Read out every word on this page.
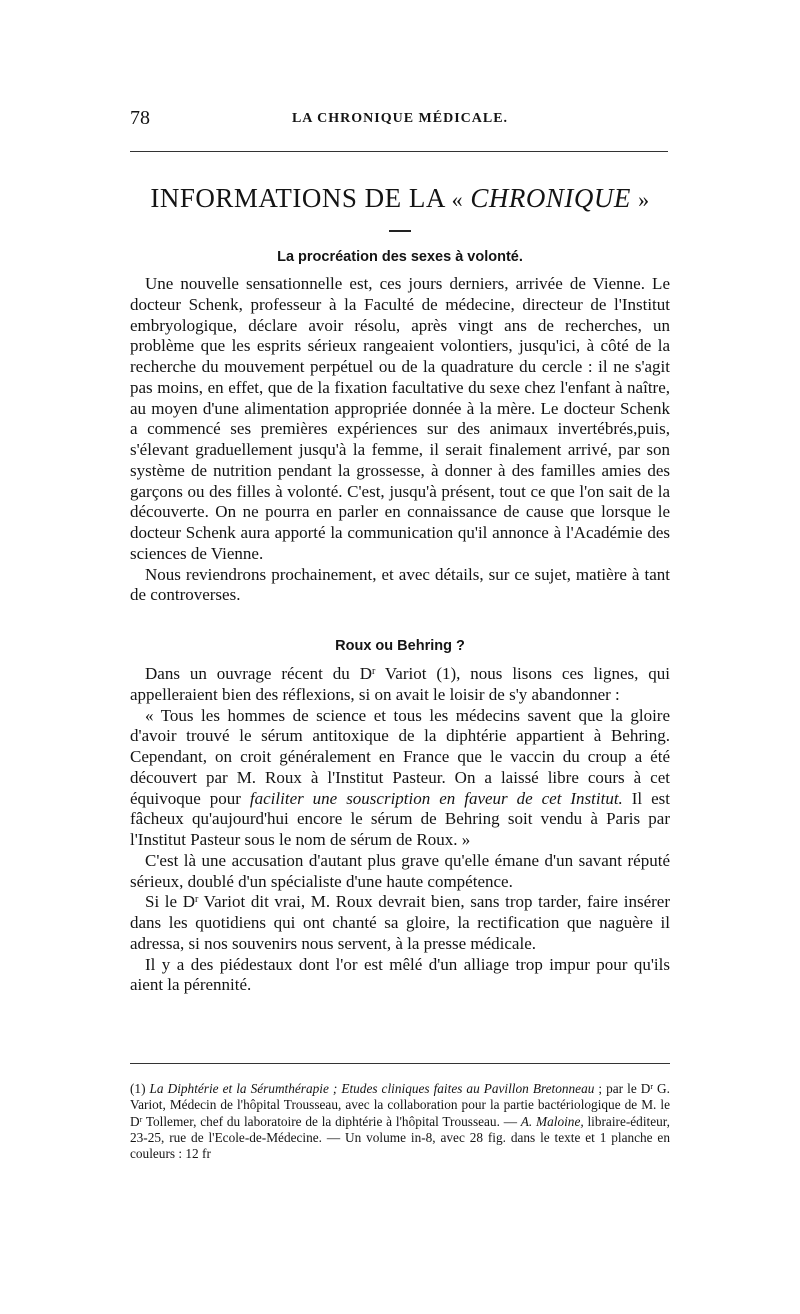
78	LA CHRONIQUE MÉDICALE.
INFORMATIONS DE LA « CHRONIQUE »
La procréation des sexes à volonté.

Une nouvelle sensationnelle est, ces jours derniers, arrivée de Vienne. Le docteur Schenk, professeur à la Faculté de médecine, directeur de l'Institut embryologique, déclare avoir résolu, après vingt ans de recherches, un problème que les esprits sérieux rangeaient volontiers, jusqu'ici, à côté de la recherche du mouvement perpétuel ou de la quadrature du cercle : il ne s'agit pas moins, en effet, que de la fixation facultative du sexe chez l'enfant à naître, au moyen d'une alimentation appropriée donnée à la mère. Le docteur Schenk a commencé ses premières expériences sur des animaux invertébrés,puis, s'élevant graduellement jusqu'à la femme, il serait finalement arrivé, par son système de nutrition pendant la grossesse, à donner à des familles amies des garçons ou des filles à volonté. C'est, jusqu'à présent, tout ce que l'on sait de la découverte. On ne pourra en parler en connaissance de cause que lorsque le docteur Schenk aura apporté la communication qu'il annonce à l'Académie des sciences de Vienne.

Nous reviendrons prochainement, et avec détails, sur ce sujet, matière à tant de controverses.

Roux ou Behring ?

Dans un ouvrage récent du $D^r$ Variot (1), nous lisons ces lignes, qui appelleraient bien des réflexions, si on avait le loisir de s'y abandonner :

« Tous les hommes de science et tous les médecins savent que la gloire d'avoir trouvé le sérum antitoxique de la diphtérie appartient à Behring. Cependant, on croit généralement en France que le vaccin du croup a été découvert par M. Roux à l'Institut Pasteur. On a laissé libre cours à cet équivoque pour faciliter une souscription en faveur de cet Institut. Il est fâcheux qu'aujourd'hui encore le sérum de Behring soit vendu à Paris par l'Institut Pasteur sous le nom de sérum de Roux. »

C'est là une accusation d'autant plus grave qu'elle émane d'un savant réputé sérieux, doublé d'un spécialiste d'une haute compétence.

Si le $D^r$ Variot dit vrai, M. Roux devrait bien, sans trop tarder, faire insérer dans les quotidiens qui ont chanté sa gloire, la rectification que naguère il adressa, si nos souvenirs nous servent, à la presse médicale.

Il y a des piédestaux dont l'or est mêlé d'un alliage trop impur pour qu'ils aient la pérennité.

(1) La Diphtérie et la Sérumthérapie ; Etudes cliniques faites au Pavillon Bretonneau ; par le $D^r$ G. Variot, Médecin de l'hôpital Trousseau, avec la collaboration pour la partie bactériologique de M. le $D^r$ Tollemer, chef du laboratoire de la diphtérie à l'hôpital Trousseau. — A. Maloine, libraire-éditeur, 23-25, rue de l'Ecole-de-Médecine. — Un volume in-8, avec 28 fig. dans le texte et 1 planche en couleurs : 12 fr
